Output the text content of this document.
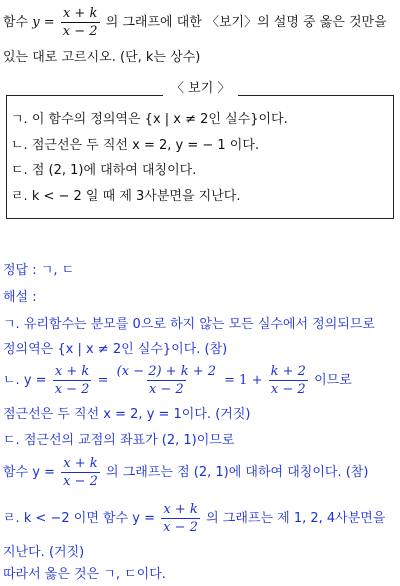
함수 $y = \frac{x + k}{x - 2}$ 의 그래프에 대한 〈보기〉의 설명 중 옳은 것만을
있는 대로 고르시오. (단, k는 상수)
〈 보기 〉
ㄱ. 이 함수의 정의역은 {x | x ≠ 2인 실수}이다.
ㄴ. 점근선은 두 직선 x = 2, y = − 1 이다.
ㄷ. 점 (2, 1)에 대하여 대칭이다.
ㄹ. k < − 2 일 때 제 3사분면을 지난다.
정답 : ㄱ, ㄷ
해설 :
ㄱ. 유리함수는 분모를 0으로 하지 않는 모든 실수에서 정의되므로
정의역은 {x | x ≠ 2인 실수}이다. (참)
ㄴ. $y = \frac{x + k}{x - 2} = \frac{(x - 2) + k + 2}{x - 2} = 1 + \frac{k + 2}{x - 2}$ 이므로
점근선은 두 직선 x = 2, y = 1이다. (거짓)
ㄷ. 점근선의 교점의 좌표가 (2, 1)이므로
함수 $y = \frac{x + k}{x - 2}$ 의 그래프는 점 (2, 1)에 대하여 대칭이다. (참)
ㄹ. k < −2 이면 함수 $y = \frac{x + k}{x - 2}$ 의 그래프는 제 1, 2, 4사분면을
지난다. (거짓)
따라서 옳은 것은 ㄱ, ㄷ이다.
